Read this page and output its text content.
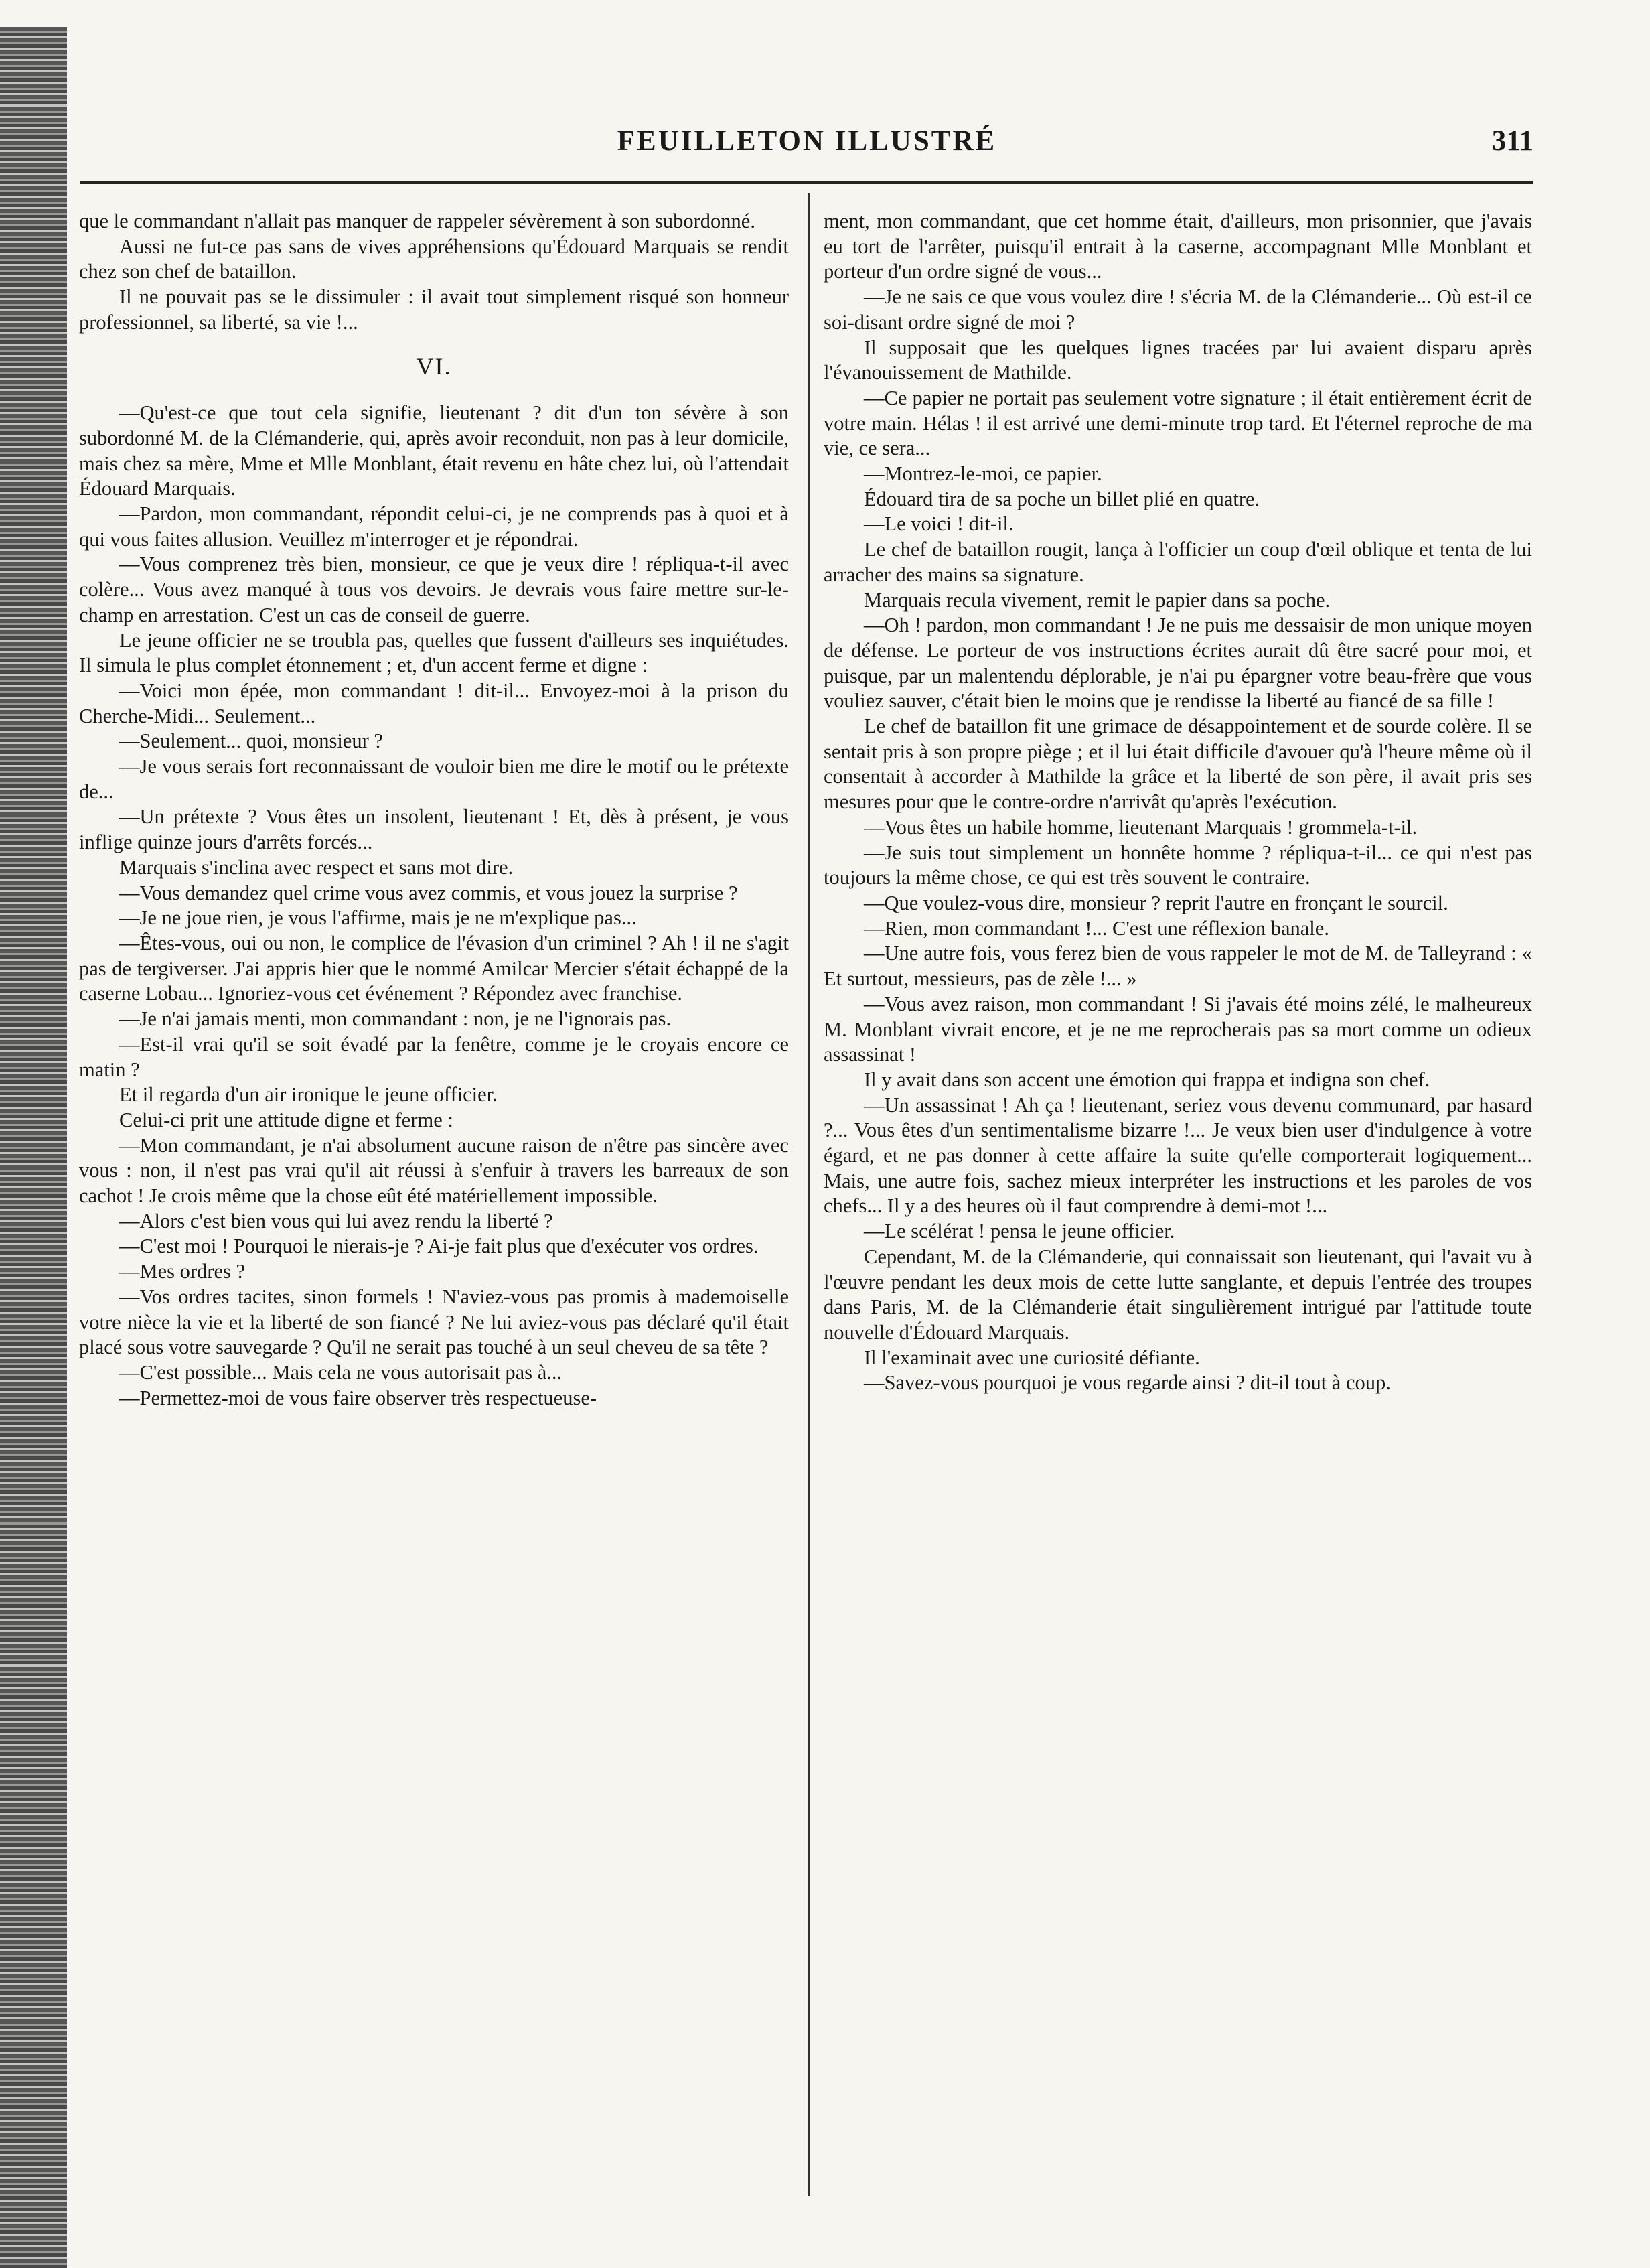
FEUILLETON ILLUSTRÉ	311

que le commandant n'allait pas manquer de rappeler sévèrement à son subordonné.

Aussi ne fut-ce pas sans de vives appréhensions qu'Édouard Marquais se rendit chez son chef de bataillon.

Il ne pouvait pas se le dissimuler : il avait tout simplement risqué son honneur professionnel, sa liberté, sa vie !...

VI.

—Qu'est-ce que tout cela signifie, lieutenant ? dit d'un ton sévère à son subordonné M. de la Clémanderie, qui, après avoir reconduit, non pas à leur domicile, mais chez sa mère, Mme et Mlle Monblant, était revenu en hâte chez lui, où l'attendait Édouard Marquais.

—Pardon, mon commandant, répondit celui-ci, je ne comprends pas à quoi et à qui vous faites allusion. Veuillez m'interroger et je répondrai.

—Vous comprenez très bien, monsieur, ce que je veux dire ! répliqua-t-il avec colère... Vous avez manqué à tous vos devoirs. Je devrais vous faire mettre sur-le-champ en arrestation. C'est un cas de conseil de guerre.

Le jeune officier ne se troubla pas, quelles que fussent d'ailleurs ses inquiétudes. Il simula le plus complet étonnement ; et, d'un accent ferme et digne :

—Voici mon épée, mon commandant ! dit-il... Envoyez-moi à la prison du Cherche-Midi... Seulement...

—Seulement... quoi, monsieur ?

—Je vous serais fort reconnaissant de vouloir bien me dire le motif ou le prétexte de...

—Un prétexte ? Vous êtes un insolent, lieutenant ! Et, dès à présent, je vous inflige quinze jours d'arrêts forcés...

Marquais s'inclina avec respect et sans mot dire.

—Vous demandez quel crime vous avez commis, et vous jouez la surprise ?

—Je ne joue rien, je vous l'affirme, mais je ne m'explique pas...

—Êtes-vous, oui ou non, le complice de l'évasion d'un criminel ? Ah ! il ne s'agit pas de tergiverser. J'ai appris hier que le nommé Amilcar Mercier s'était échappé de la caserne Lobau... Ignoriez-vous cet événement ? Répondez avec franchise.

—Je n'ai jamais menti, mon commandant : non, je ne l'ignorais pas.

—Est-il vrai qu'il se soit évadé par la fenêtre, comme je le croyais encore ce matin ?

Et il regarda d'un air ironique le jeune officier.

Celui-ci prit une attitude digne et ferme :

—Mon commandant, je n'ai absolument aucune raison de n'être pas sincère avec vous : non, il n'est pas vrai qu'il ait réussi à s'enfuir à travers les barreaux de son cachot ! Je crois même que la chose eût été matériellement impossible.

—Alors c'est bien vous qui lui avez rendu la liberté ?

—C'est moi ! Pourquoi le nierais-je ? Ai-je fait plus que d'exécuter vos ordres.

—Mes ordres ?

—Vos ordres tacites, sinon formels ! N'aviez-vous pas promis à mademoiselle votre nièce la vie et la liberté de son fiancé ? Ne lui aviez-vous pas déclaré qu'il était placé sous votre sauvegarde ? Qu'il ne serait pas touché à un seul cheveu de sa tête ?

—C'est possible... Mais cela ne vous autorisait pas à...

—Permettez-moi de vous faire observer très respectueuse-

ment, mon commandant, que cet homme était, d'ailleurs, mon prisonnier, que j'avais eu tort de l'arrêter, puisqu'il entrait à la caserne, accompagnant Mlle Monblant et porteur d'un ordre signé de vous...

—Je ne sais ce que vous voulez dire ! s'écria M. de la Clémanderie... Où est-il ce soi-disant ordre signé de moi ?

Il supposait que les quelques lignes tracées par lui avaient disparu après l'évanouissement de Mathilde.

—Ce papier ne portait pas seulement votre signature ; il était entièrement écrit de votre main. Hélas ! il est arrivé une demi-minute trop tard. Et l'éternel reproche de ma vie, ce sera...

—Montrez-le-moi, ce papier.

Édouard tira de sa poche un billet plié en quatre.

—Le voici ! dit-il.

Le chef de bataillon rougit, lança à l'officier un coup d'œil oblique et tenta de lui arracher des mains sa signature.

Marquais recula vivement, remit le papier dans sa poche.

—Oh ! pardon, mon commandant ! Je ne puis me dessaisir de mon unique moyen de défense. Le porteur de vos instructions écrites aurait dû être sacré pour moi, et puisque, par un malentendu déplorable, je n'ai pu épargner votre beau-frère que vous vouliez sauver, c'était bien le moins que je rendisse la liberté au fiancé de sa fille !

Le chef de bataillon fit une grimace de désappointement et de sourde colère. Il se sentait pris à son propre piège ; et il lui était difficile d'avouer qu'à l'heure même où il consentait à accorder à Mathilde la grâce et la liberté de son père, il avait pris ses mesures pour que le contre-ordre n'arrivât qu'après l'exécution.

—Vous êtes un habile homme, lieutenant Marquais ! grommela-t-il.

—Je suis tout simplement un honnête homme ? répliqua-t-il... ce qui n'est pas toujours la même chose, ce qui est très souvent le contraire.

—Que voulez-vous dire, monsieur ? reprit l'autre en fronçant le sourcil.

—Rien, mon commandant !... C'est une réflexion banale.

—Une autre fois, vous ferez bien de vous rappeler le mot de M. de Talleyrand : « Et surtout, messieurs, pas de zèle !... »

—Vous avez raison, mon commandant ! Si j'avais été moins zélé, le malheureux M. Monblant vivrait encore, et je ne me reprocherais pas sa mort comme un odieux assassinat !

Il y avait dans son accent une émotion qui frappa et indigna son chef.

—Un assassinat ! Ah ça ! lieutenant, seriez vous devenu communard, par hasard ?... Vous êtes d'un sentimentalisme bizarre !... Je veux bien user d'indulgence à votre égard, et ne pas donner à cette affaire la suite qu'elle comporterait logiquement... Mais, une autre fois, sachez mieux interpréter les instructions et les paroles de vos chefs... Il y a des heures où il faut comprendre à demi-mot !...

—Le scélérat ! pensa le jeune officier.

Cependant, M. de la Clémanderie, qui connaissait son lieutenant, qui l'avait vu à l'œuvre pendant les deux mois de cette lutte sanglante, et depuis l'entrée des troupes dans Paris, M. de la Clémanderie était singulièrement intrigué par l'attitude toute nouvelle d'Édouard Marquais.

Il l'examinait avec une curiosité défiante.

—Savez-vous pourquoi je vous regarde ainsi ? dit-il tout à coup.
